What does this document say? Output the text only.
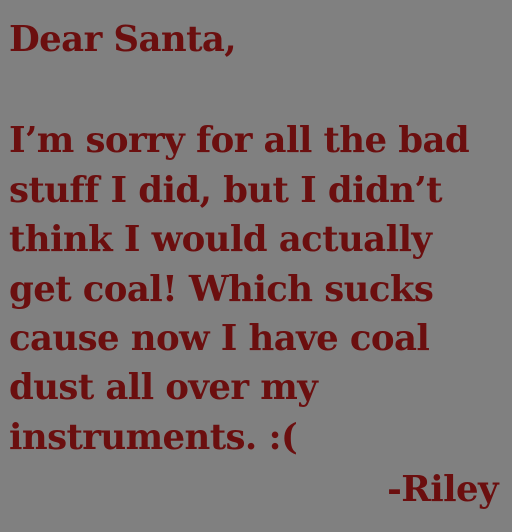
Dear Santa,
I’m sorry for all the bad
stuff I did, but I didn’t
think I would actually
get coal! Which sucks
cause now I have coal
dust all over my
instruments. :(
-Riley
